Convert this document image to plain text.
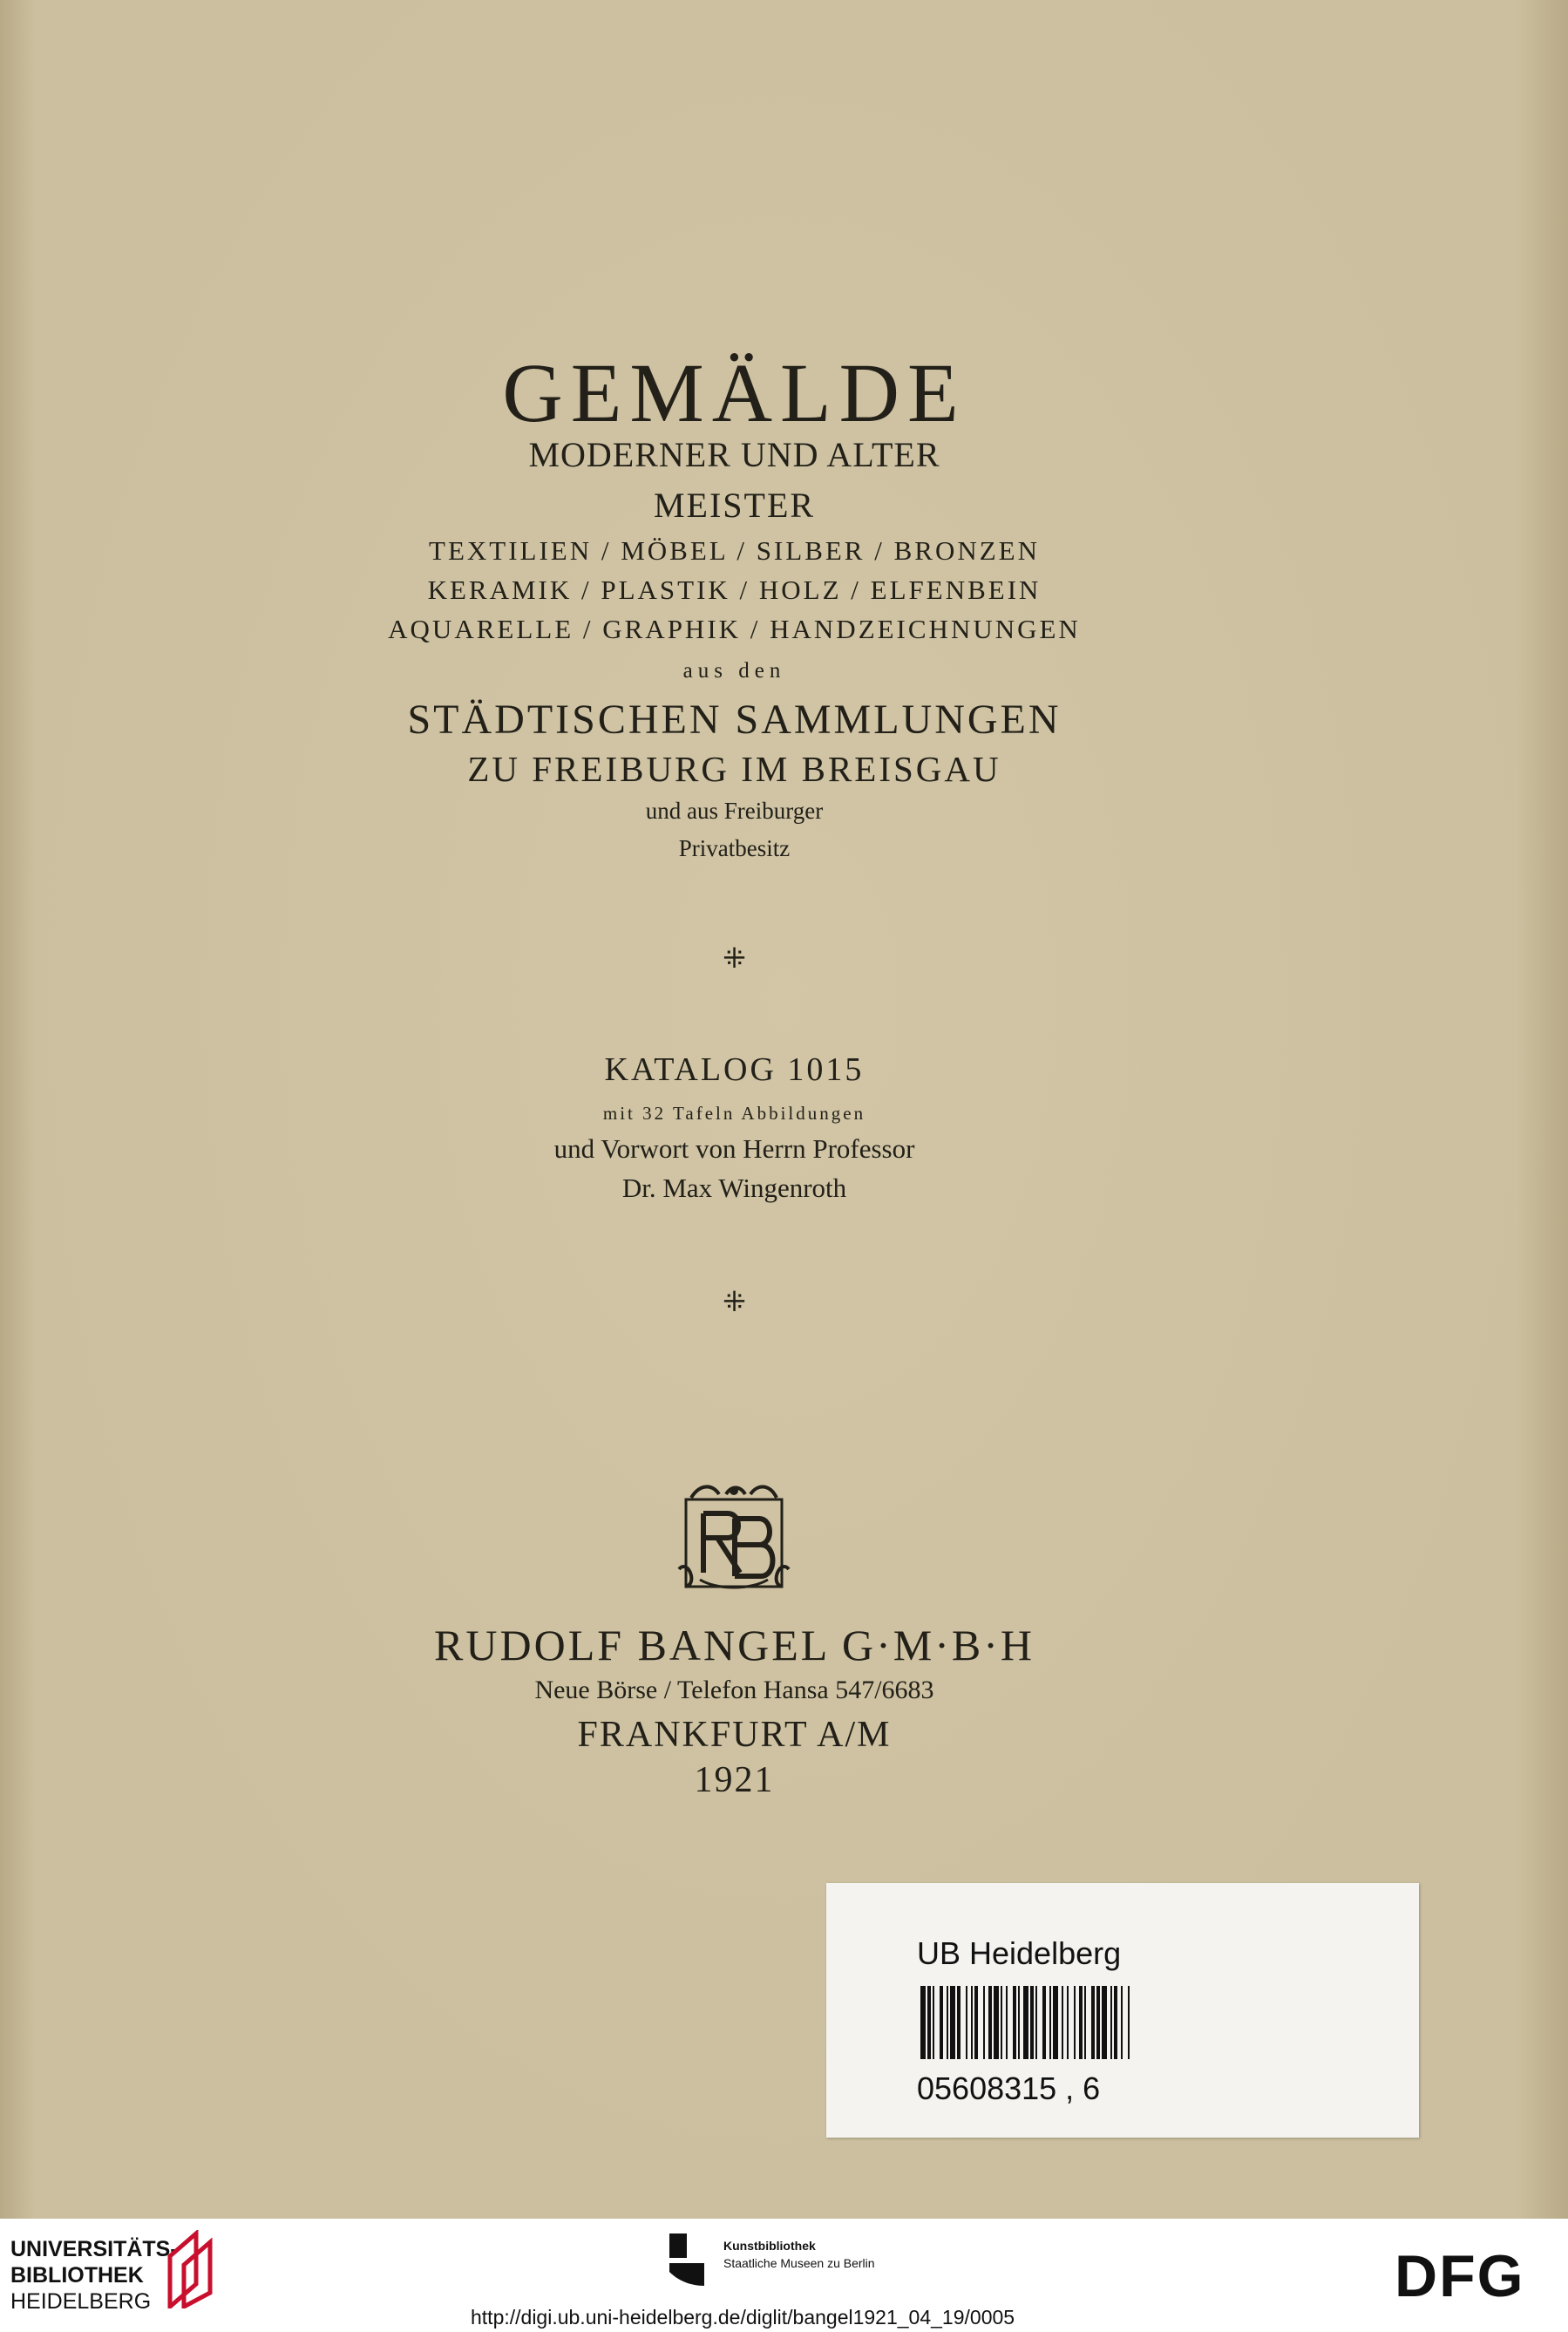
GEMÄLDE
MODERNER UND ALTER
MEISTER
TEXTILIEN / MÖBEL / SILBER / BRONZEN
KERAMIK / PLASTIK / HOLZ / ELFENBEIN
AQUARELLE / GRAPHIK / HANDZEICHNUNGEN
aus den
STÄDTISCHEN SAMMLUNGEN
ZU FREIBURG IM BREISGAU
und aus Freiburger
Privatbesitz
⁜
KATALOG 1015
mit 32 Tafeln Abbildungen
und Vorwort von Herrn Professor
Dr. Max Wingenroth
⁜
RUDOLF BANGEL G·M·B·H
Neue Börse / Telefon Hansa 547/6683
FRANKFURT A/M
1921
UB Heidelberg
05608315 , 6
UNIVERSITÄTS-
BIBLIOTHEK
HEIDELBERG
Kunstbibliothek
Staatliche Museen zu Berlin	DFG
http://digi.ub.uni-heidelberg.de/diglit/bangel1921_04_19/0005
